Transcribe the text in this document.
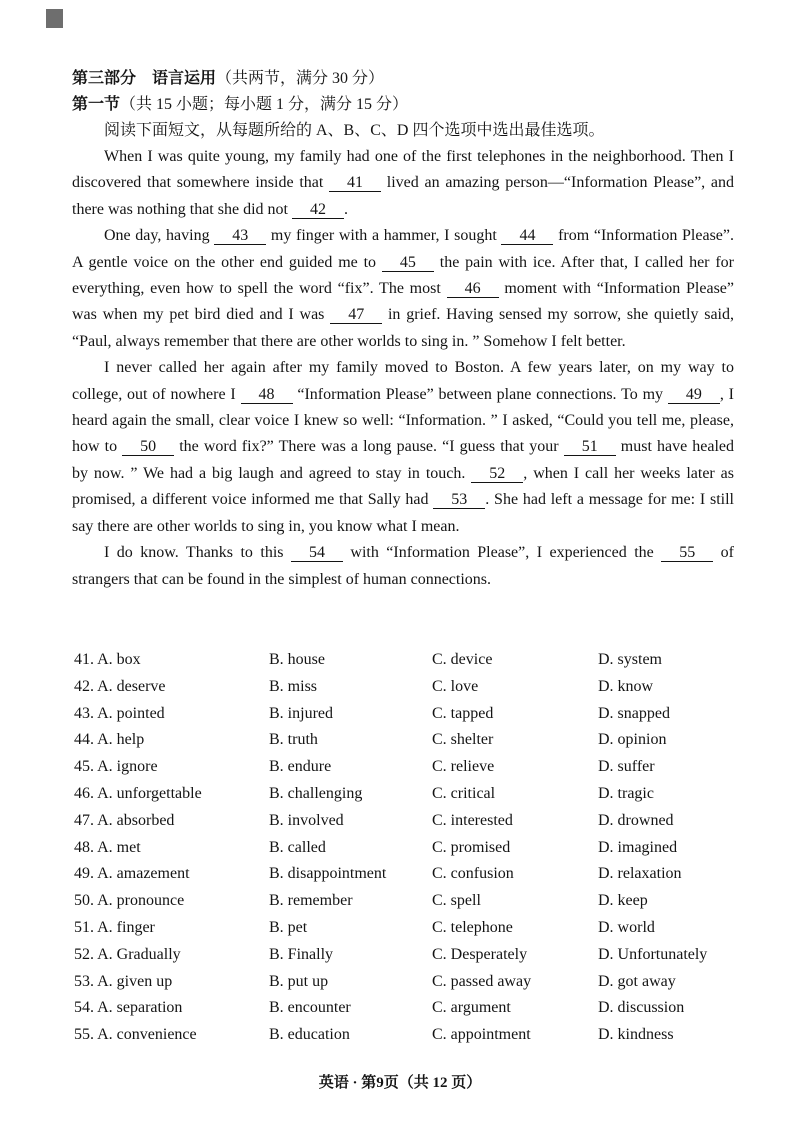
第三部分　语言运用（共两节，满分 30 分）
第一节（共 15 小题；每小题 1 分，满分 15 分）
阅读下面短文，从每题所给的 A、B、C、D 四个选项中选出最佳选项。

When I was quite young, my family had one of the first telephones in the neighborhood. Then I discovered that somewhere inside that 41 lived an amazing person—“Information Please”, and there was nothing that she did not 42 .

One day, having 43 my finger with a hammer, I sought 44 from “Information Please”. A gentle voice on the other end guided me to 45 the pain with ice. After that, I called her for everything, even how to spell the word “fix”. The most 46 moment with “Information Please” was when my pet bird died and I was 47 in grief. Having sensed my sorrow, she quietly said, “Paul, always remember that there are other worlds to sing in. ” Somehow I felt better.

I never called her again after my family moved to Boston. A few years later, on my way to college, out of nowhere I 48 “Information Please” between plane connections. To my 49 , I heard again the small, clear voice I knew so well: “Information. ” I asked, “Could you tell me, please, how to 50 the word fix?” There was a long pause. “I guess that your 51 must have healed by now. ” We had a big laugh and agreed to stay in touch. 52 , when I call her weeks later as promised, a different voice informed me that Sally had 53 . She had left a message for me: I still say there are other worlds to sing in, you know what I mean.

I do know. Thanks to this 54 with “Information Please”, I experienced the 55 of strangers that can be found in the simplest of human connections.

41. A. box	B. house	C. device	D. system
42. A. deserve	B. miss	C. love	D. know
43. A. pointed	B. injured	C. tapped	D. snapped
44. A. help	B. truth	C. shelter	D. opinion
45. A. ignore	B. endure	C. relieve	D. suffer
46. A. unforgettable	B. challenging	C. critical	D. tragic
47. A. absorbed	B. involved	C. interested	D. drowned
48. A. met	B. called	C. promised	D. imagined
49. A. amazement	B. disappointment	C. confusion	D. relaxation
50. A. pronounce	B. remember	C. spell	D. keep
51. A. finger	B. pet	C. telephone	D. world
52. A. Gradually	B. Finally	C. Desperately	D. Unfortunately
53. A. given up	B. put up	C. passed away	D. got away
54. A. separation	B. encounter	C. argument	D. discussion
55. A. convenience	B. education	C. appointment	D. kindness
英语 · 第9页（共 12 页）
